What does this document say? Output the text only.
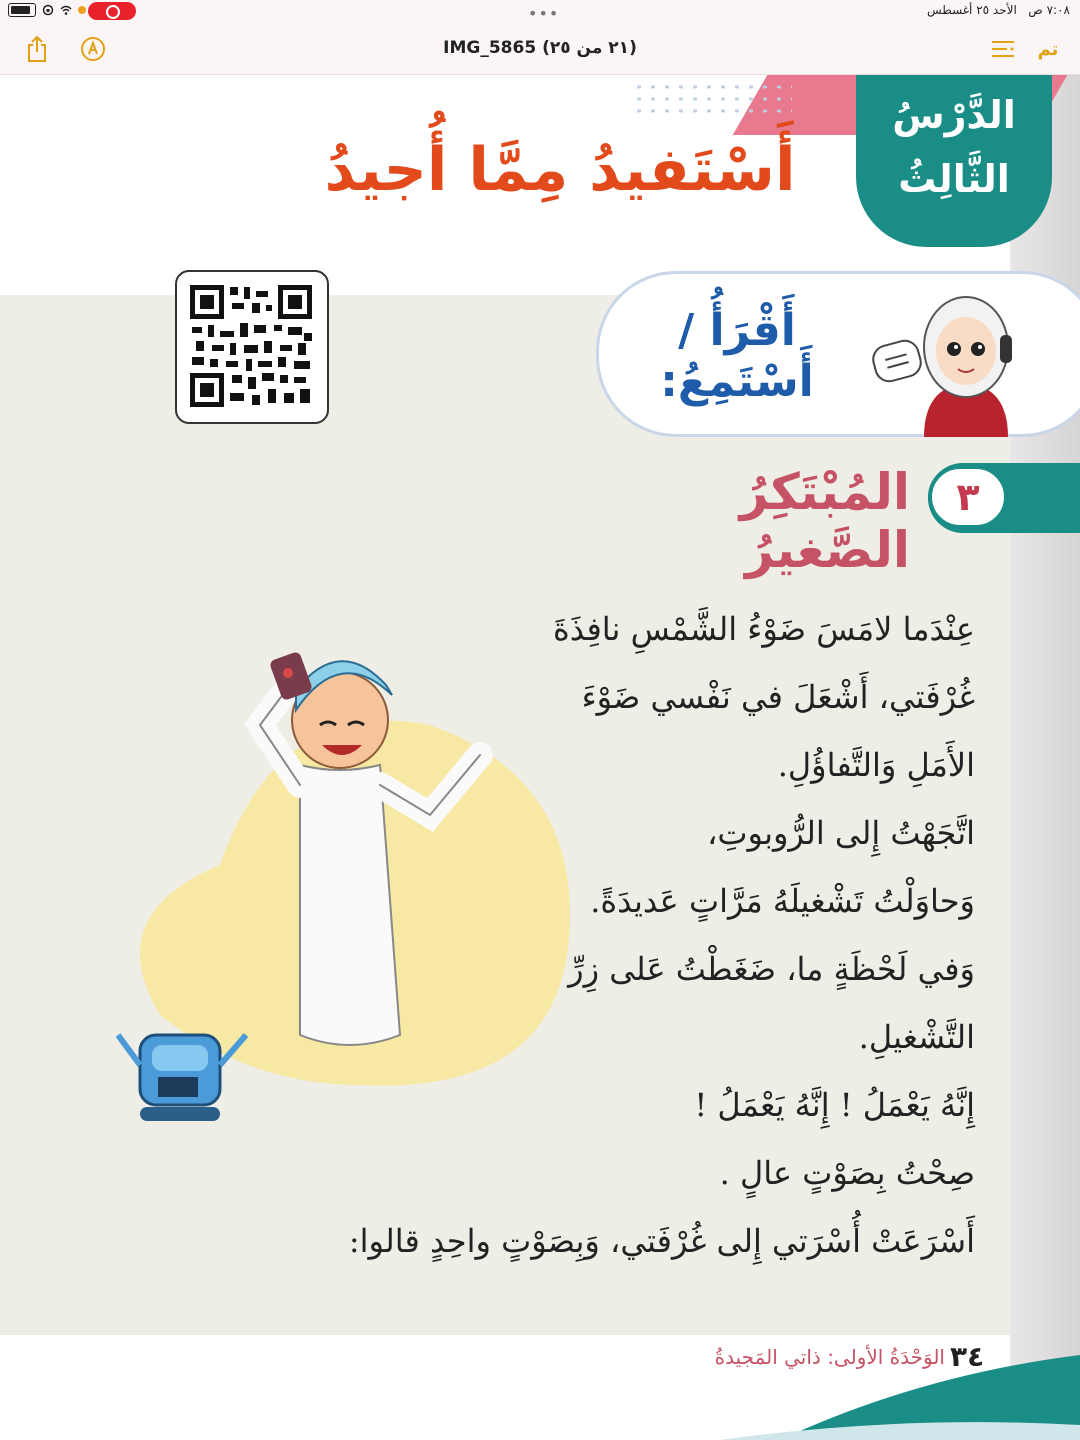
•••	٧:٠٨ ص   الأحد ٢٥ أغسطس
IMG_5865 (٢١ من ٢٥)	تم
الدَّرْسُ
الثَّالِثُ
أَسْتَفيدُ مِمَّا أُجيدُ
أَقْرَأُ / أَسْتَمِعُ:
٣
المُبْتَكِرُ الصَّغيرُ
عِنْدَما لامَسَ ضَوْءُ الشَّمْسِ نافِذَةَ
غُرْفَتي، أَشْعَلَ في نَفْسي ضَوْءَ
الأَمَلِ وَالتَّفاؤُلِ.
اتَّجَهْتُ إِلى الرُّوبوتِ،
وَحاوَلْتُ تَشْغيلَهُ مَرَّاتٍ عَديدَةً.
وَفي لَحْظَةٍ ما، ضَغَطْتُ عَلى زِرِّ
التَّشْغيلِ.
إِنَّهُ يَعْمَلُ ! إِنَّهُ يَعْمَلُ !
صِحْتُ بِصَوْتٍ عالٍ .
أَسْرَعَتْ أُسْرَتي إِلى غُرْفَتي، وَبِصَوْتٍ واحِدٍ قالوا:
٣٤
الوَحْدَةُ الأولى: ذاتي المَجيدةُ
